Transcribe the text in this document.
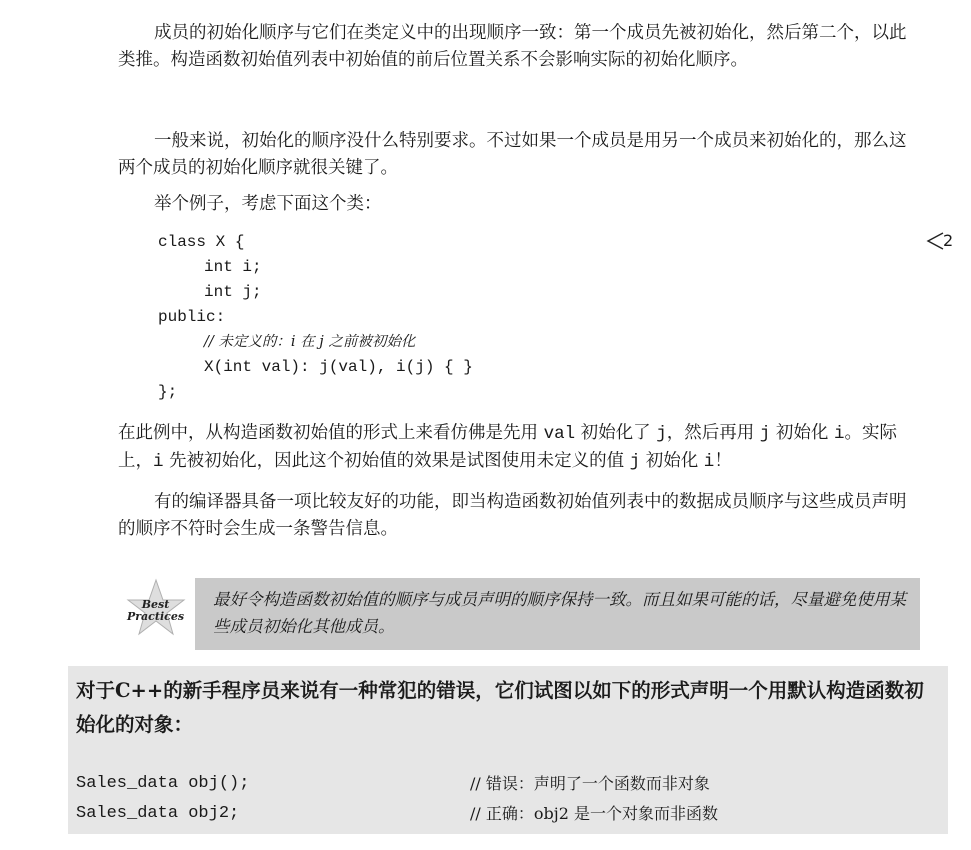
成员的初始化顺序与它们在类定义中的出现顺序一致：第一个成员先被初始化，然后第二个，以此类推。构造函数初始值列表中初始值的前后位置关系不会影响实际的初始化顺序。

一般来说，初始化的顺序没什么特别要求。不过如果一个成员是用另一个成员来初始化的，那么这两个成员的初始化顺序就很关键了。

举个例子，考虑下面这个类：

class X {
int i;
int j;
public:
// 未定义的：i 在 j 之前被初始化
X(int val): j(val), i(j) { }
};
2

在此例中，从构造函数初始值的形式上来看仿佛是先用 val 初始化了 j，然后再用 j 初始化 i。实际上，i 先被初始化，因此这个初始值的效果是试图使用未定义的值 j 初始化 i！

有的编译器具备一项比较友好的功能，即当构造函数初始值列表中的数据成员顺序与这些成员声明的顺序不符时会生成一条警告信息。

Best
Practices
最好令构造函数初始值的顺序与成员声明的顺序保持一致。而且如果可能的话，尽量避免使用某些成员初始化其他成员。

对于C++的新手程序员来说有一种常犯的错误，它们试图以如下的形式声明一个用默认构造函数初始化的对象：

Sales_data obj();	// 错误：声明了一个函数而非对象
Sales_data obj2;	// 正确：obj2 是一个对象而非函数
